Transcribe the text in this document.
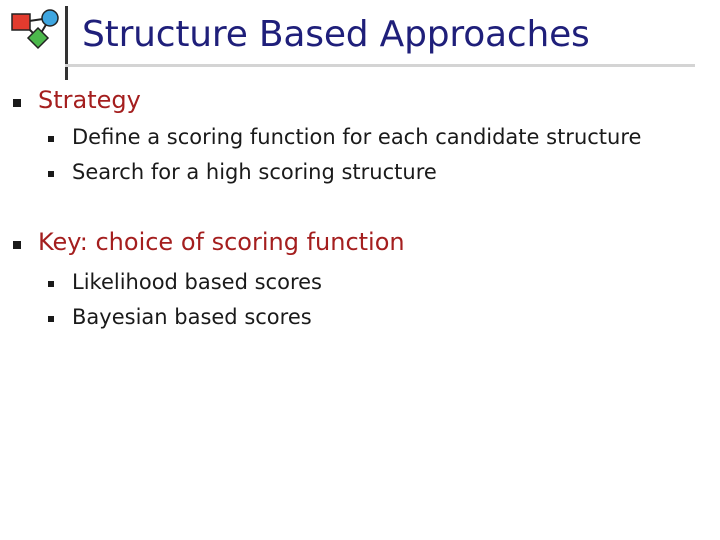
Structure Based Approaches
Strategy
Define a scoring function for each candidate structure
Search for a high scoring structure
Key: choice of scoring function
Likelihood based scores
Bayesian based scores
